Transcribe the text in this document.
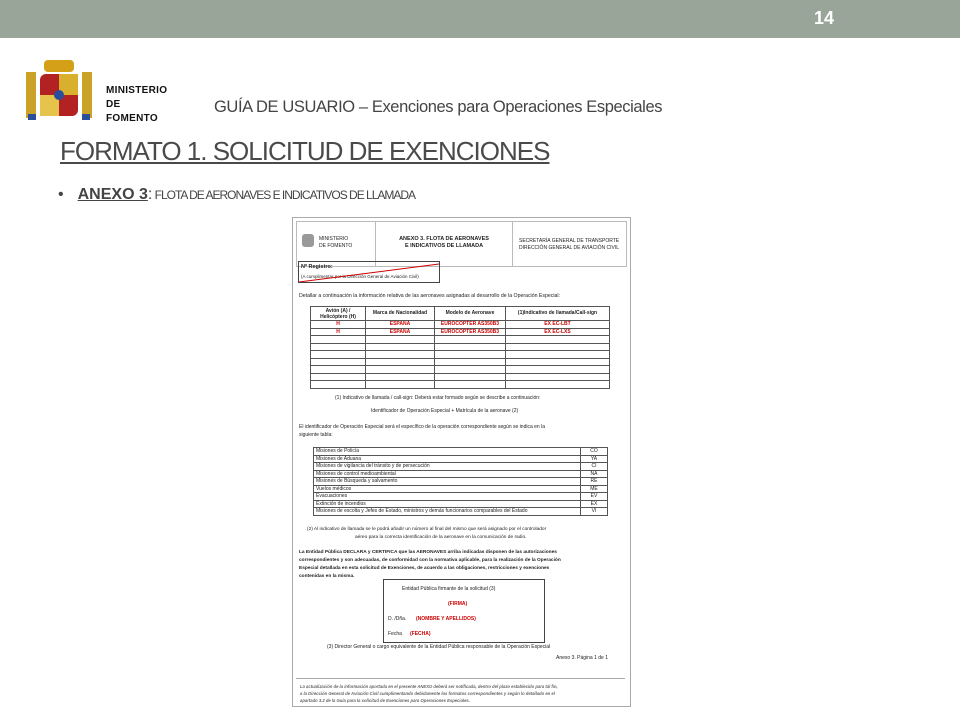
14
MINISTERIO
DE FOMENTO
GUÍA DE USUARIO – Exenciones para Operaciones Especiales
FORMATO 1. SOLICITUD DE EXENCIONES
• ANEXO 3: FLOTA DE AERONAVES E INDICATIVOS DE LLAMADA
MINISTERIO
DE FOMENTO
ANEXO 3. FLOTA DE AERONAVES
E INDICATIVOS DE LLAMADA
SECRETARÍA GENERAL DE TRANSPORTE
DIRECCIÓN GENERAL DE AVIACIÓN CIVIL
Nº Registro:
(A cumplimentar por la Dirección General de Aviación Civil)
Detallar a continuación la información relativa de las aeronaves asignadas al desarrollo de la Operación Especial:
Avión (A) / Helicóptero (H)	Marca de Nacionalidad	Modelo de Aeronave	(1)Indicativo de llamada/Call-sign
H	ESPAÑA	EUROCOPTER AS350B3	EX EC-LBT
H	ESPAÑA	EUROCOPTER AS350B3	EX EC-LXS

(1) Indicativo de llamada / call-sign: Deberá estar formado según se describe a continuación:
Identificador de Operación Especial + Matrícula de la aeronave (2)
El identificador de Operación Especial será el específico de la operación correspondiente según se indica en la
siguiente tabla:
Misiones de Policía	CO
Misiones de Aduana	YA
Misiones de vigilancia del tránsito y de persecución	CI
Misiones de control medioambiental	NA
Misiones de Búsqueda y salvamento	RE
Vuelos médicos	ME
Evacuaciones	EV
Extinción de incendios	EX
Misiones de escolta y Jefes de Estado, ministros y demás funcionarios comparables del Estado	VI
(2) Al indicativo de llamada se le podrá añadir un número al final del mismo que será asignado por el controlador
aéreo para la correcta identificación de la aeronave en la comunicación de radio.
La Entidad Pública DECLARA y CERTIFICA que las AERONAVES arriba indicadas disponen de las autorizaciones
correspondientes y son adecuadas, de conformidad con la normativa aplicable, para la realización de la Operación
Especial detallada en esta solicitud de Exenciones, de acuerdo a las obligaciones, restricciones y exenciones
contenidas en la misma.
Entidad Pública firmante de la solicitud (3)
(FIRMA)
D. /Dña. (NOMBRE Y APELLIDOS)
Fecha (FECHA)
(3) Director General o cargo equivalente de la Entidad Pública responsable de la Operación Especial
Anexo 3. Página 1 de 1
La actualización de la información aportada en el presente ANEXO deberá ser notificada, dentro del plazo establecido para tal fin,
a la Dirección General de Aviación Civil cumplimentando debidamente los formatos correspondientes y según lo detallado en el
apartado 3.2 de la Guía para la solicitud de Exenciones para Operaciones Especiales.
